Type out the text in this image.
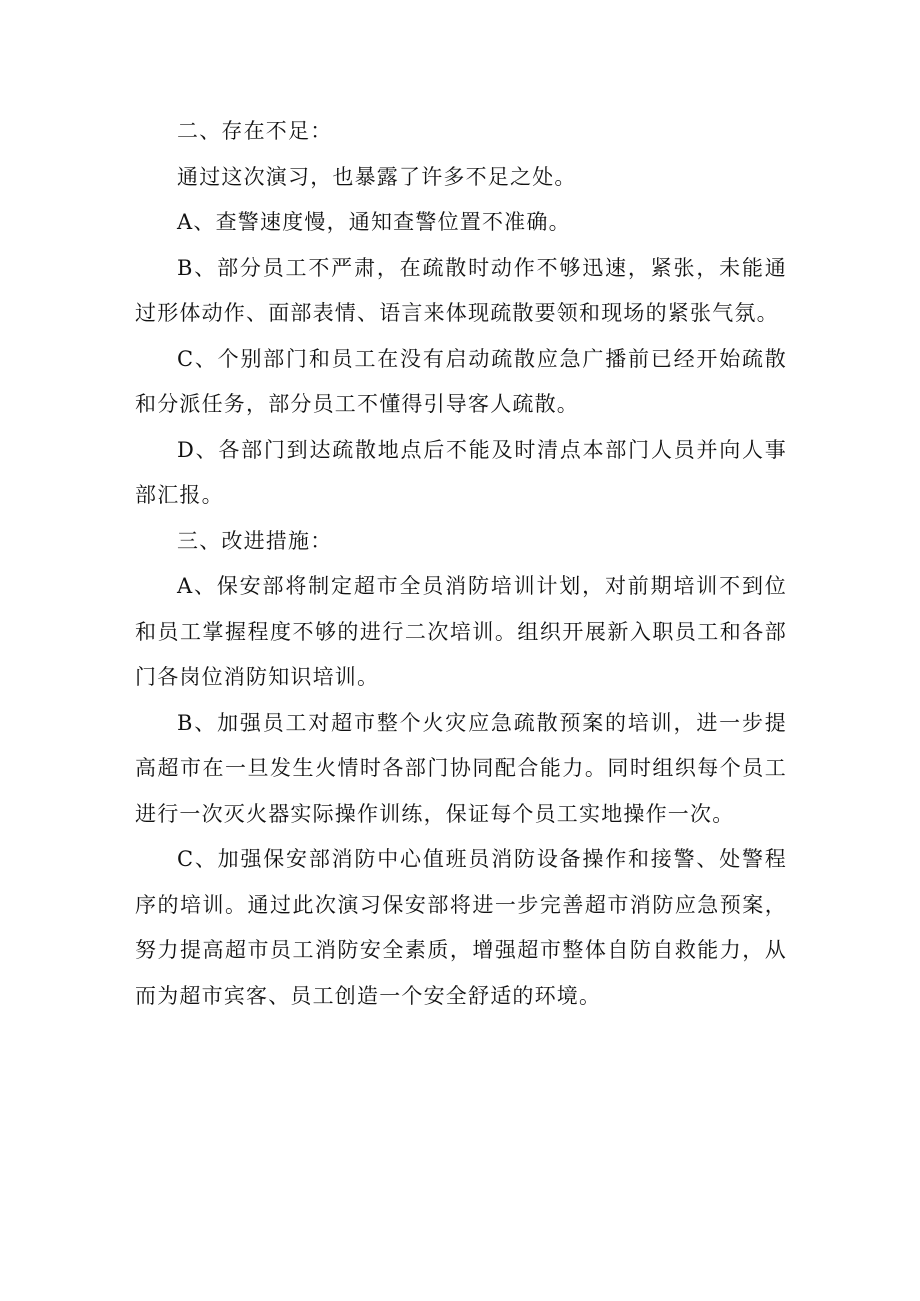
二、存在不足：

通过这次演习，也暴露了许多不足之处。

A、查警速度慢，通知查警位置不准确。

B、部分员工不严肃，在疏散时动作不够迅速，紧张，未能通过形体动作、面部表情、语言来体现疏散要领和现场的紧张气氛。

C、个别部门和员工在没有启动疏散应急广播前已经开始疏散和分派任务，部分员工不懂得引导客人疏散。

D、各部门到达疏散地点后不能及时清点本部门人员并向人事部汇报。

三、改进措施：

A、保安部将制定超市全员消防培训计划，对前期培训不到位和员工掌握程度不够的进行二次培训。组织开展新入职员工和各部门各岗位消防知识培训。

B、加强员工对超市整个火灾应急疏散预案的培训，进一步提高超市在一旦发生火情时各部门协同配合能力。同时组织每个员工进行一次灭火器实际操作训练，保证每个员工实地操作一次。

C、加强保安部消防中心值班员消防设备操作和接警、处警程序的培训。通过此次演习保安部将进一步完善超市消防应急预案，努力提高超市员工消防安全素质，增强超市整体自防自救能力，从而为超市宾客、员工创造一个安全舒适的环境。
